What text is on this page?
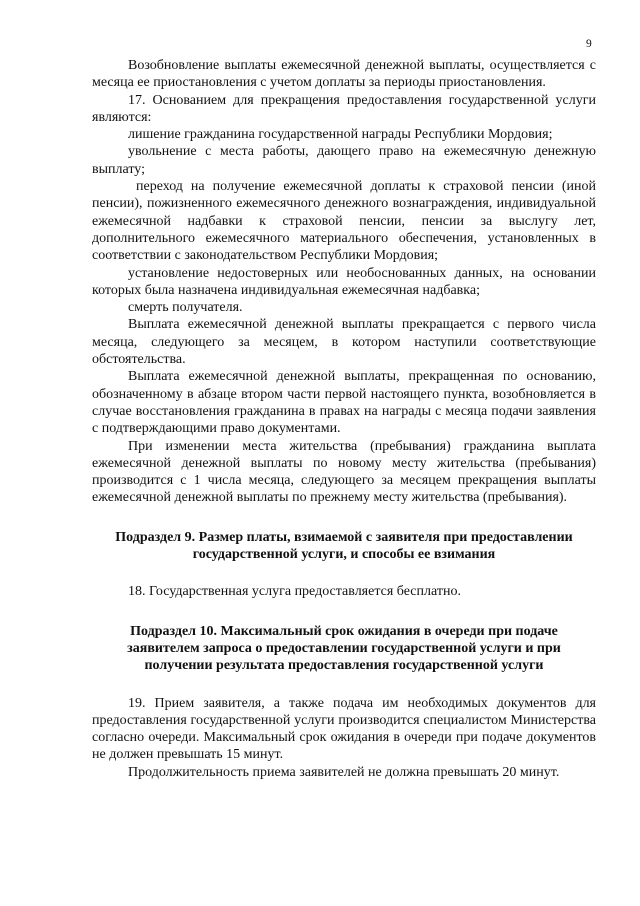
9

Возобновление выплаты ежемесячной денежной выплаты, осуществляется с месяца ее приостановления с учетом доплаты за периоды приостановления.

17. Основанием для прекращения предоставления государственной услуги являются:

лишение гражданина государственной награды Республики Мордовия;

увольнение с места работы, дающего право на ежемесячную денежную выплату;

переход на получение ежемесячной доплаты к страховой пенсии (иной пенсии), пожизненного ежемесячного денежного вознаграждения, индивидуальной ежемесячной надбавки к страховой пенсии, пенсии за выслугу лет, дополнительного ежемесячного материального обеспечения, установленных в соответствии с законодательством Республики Мордовия;

установление недостоверных или необоснованных данных, на основании которых была назначена индивидуальная ежемесячная надбавка;

смерть получателя.

Выплата ежемесячной денежной выплаты прекращается с первого числа месяца, следующего за месяцем, в котором наступили соответствующие обстоятельства.

Выплата ежемесячной денежной выплаты, прекращенная по основанию, обозначенному в абзаце втором части первой настоящего пункта, возобновляется в случае восстановления гражданина в правах на награды с месяца подачи заявления с подтверждающими право документами.

При изменении места жительства (пребывания) гражданина выплата ежемесячной денежной выплаты по новому месту жительства (пребывания) производится с 1 числа месяца, следующего за месяцем прекращения выплаты ежемесячной денежной выплаты по прежнему месту жительства (пребывания).

Подраздел 9. Размер платы, взимаемой с заявителя при предоставлении
государственной услуги, и способы ее взимания

18. Государственная услуга предоставляется бесплатно.

Подраздел 10. Максимальный срок ожидания в очереди при подаче
заявителем запроса о предоставлении государственной услуги и при
получении результата предоставления государственной услуги

19. Прием заявителя, а также подача им необходимых документов для предоставления государственной услуги производится специалистом Министерства согласно очереди. Максимальный срок ожидания в очереди при подаче документов не должен превышать 15 минут.

Продолжительность приема заявителей не должна превышать 20 минут.
